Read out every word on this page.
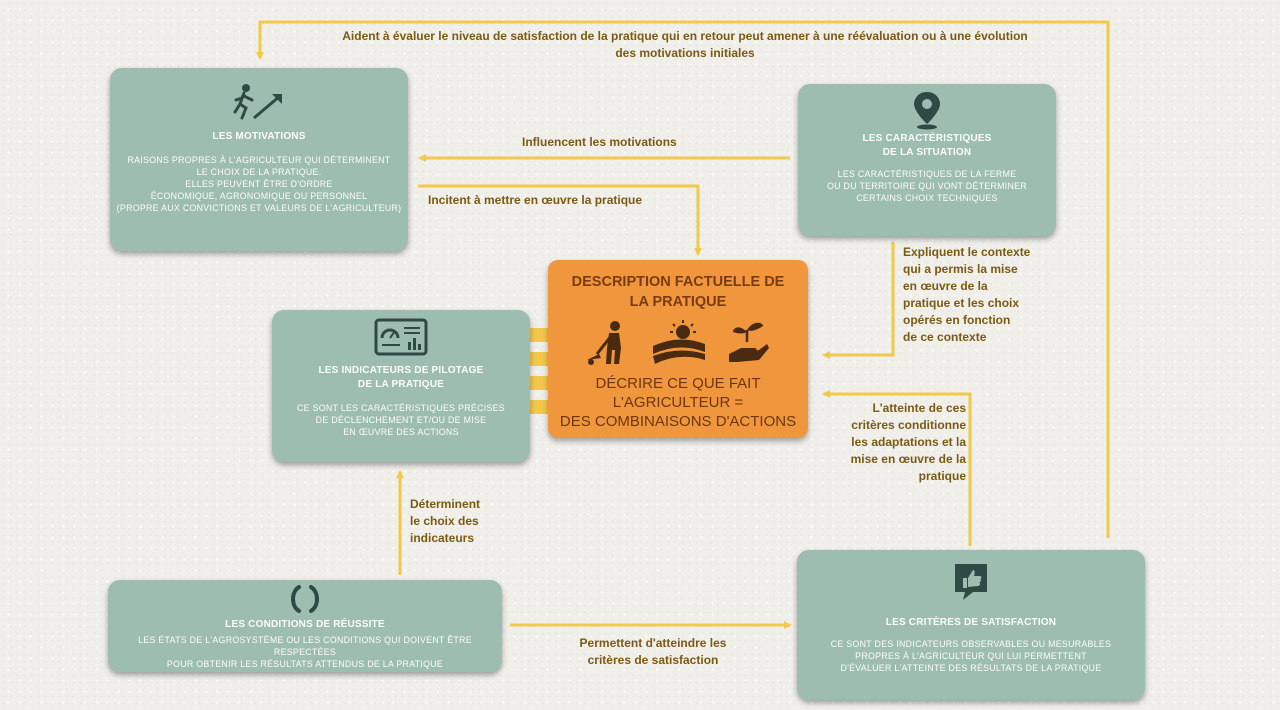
LES MOTIVATIONS
RAISONS PROPRES À L'AGRICULTEUR QUI DÉTERMINENT
LE CHOIX DE LA PRATIQUE.
ELLES PEUVENT ÊTRE D'ORDRE
ÉCONOMIQUE, AGRONOMIQUE OU PERSONNEL
(PROPRE AUX CONVICTIONS ET VALEURS DE L'AGRICULTEUR)
LES CARACTÉRISTIQUES
DE LA SITUATION
LES CARACTÉRISTIQUES DE LA FERME
OU DU TERRITOIRE QUI VONT DÉTERMINER
CERTAINS CHOIX TECHNIQUES
LES INDICATEURS DE PILOTAGE
DE LA PRATIQUE
CE SONT LES CARACTÉRISTIQUES PRÉCISES
DE DÉCLENCHEMENT ET/OU DE MISE
EN ŒUVRE DES ACTIONS
DESCRIPTION FACTUELLE DE
LA PRATIQUE
DÉCRIRE CE QUE FAIT
L'AGRICULTEUR =
DES COMBINAISONS D'ACTIONS
LES CONDITIONS DE RÉUSSITE
LES ÉTATS DE L'AGROSYSTÈME OU LES CONDITIONS QUI DOIVENT ÊTRE RESPECTÉES
POUR OBTENIR LES RÉSULTATS ATTENDUS DE LA PRATIQUE
LES CRITÈRES DE SATISFACTION
CE SONT DES INDICATEURS OBSERVABLES OU MESURABLES
PROPRES À L'AGRICULTEUR QUI LUI PERMETTENT
D'ÉVALUER L'ATTEINTE DES RÉSULTATS DE LA PRATIQUE
Aident à évaluer le niveau de satisfaction de la pratique qui en retour peut amener à une réévaluation ou à une évolution
des motivations initiales
Influencent les motivations
Incitent à mettre en œuvre la pratique
Expliquent le contexte
qui a permis la mise
en œuvre de la
pratique et les choix
opérés en fonction
de ce contexte
L'atteinte de ces
critères conditionne
les adaptations et la
mise en œuvre de la
pratique
Déterminent
le choix des
indicateurs
Permettent d'atteindre les
critères de satisfaction
